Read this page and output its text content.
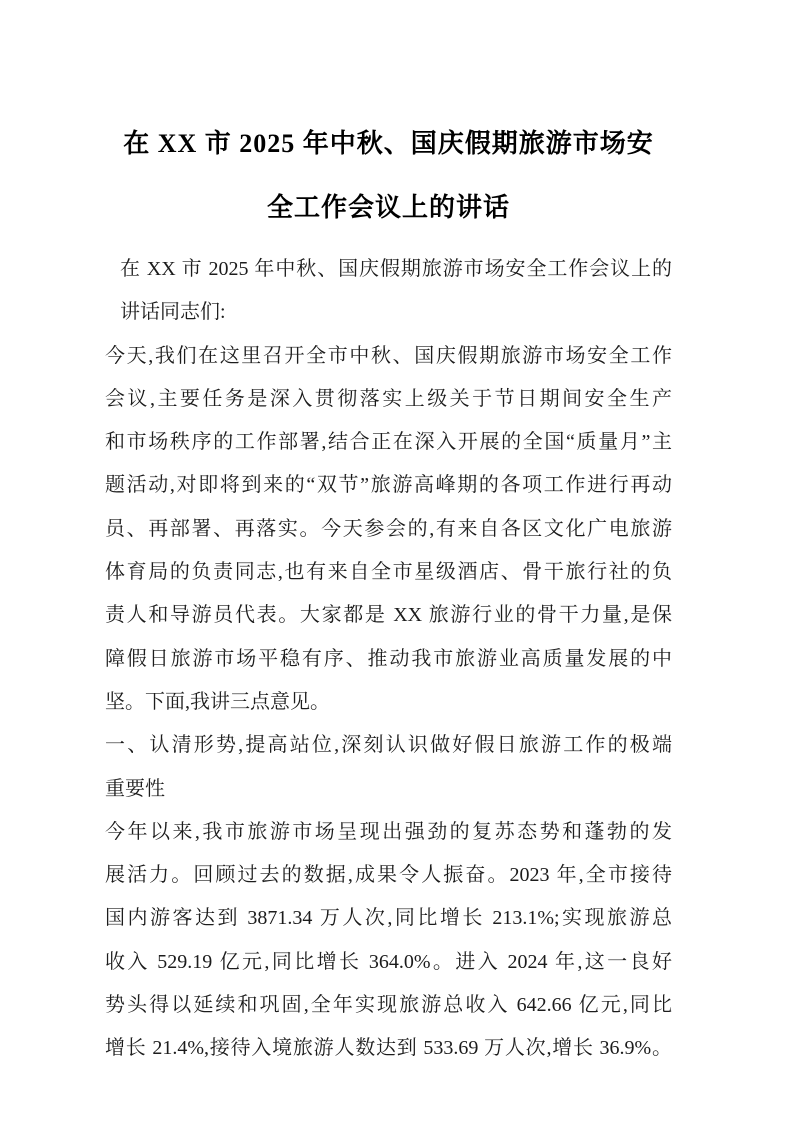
在 XX 市 2025 年中秋、国庆假期旅游市场安
全工作会议上的讲话
在 XX 市 2025 年中秋、国庆假期旅游市场安全工作会议上的
讲话同志们:
今天,我们在这里召开全市中秋、国庆假期旅游市场安全工作
会议,主要任务是深入贯彻落实上级关于节日期间安全生产
和市场秩序的工作部署,结合正在深入开展的全国“质量月”主
题活动,对即将到来的“双节”旅游高峰期的各项工作进行再动
员、再部署、再落实。今天参会的,有来自各区文化广电旅游
体育局的负责同志,也有来自全市星级酒店、骨干旅行社的负
责人和导游员代表。大家都是 XX 旅游行业的骨干力量,是保
障假日旅游市场平稳有序、推动我市旅游业高质量发展的中
坚。下面,我讲三点意见。
一、认清形势,提高站位,深刻认识做好假日旅游工作的极端
重要性
今年以来,我市旅游市场呈现出强劲的复苏态势和蓬勃的发
展活力。回顾过去的数据,成果令人振奋。2023 年,全市接待
国内游客达到 3871.34 万人次,同比增长 213.1%;实现旅游总
收入 529.19 亿元,同比增长 364.0%。进入 2024 年,这一良好
势头得以延续和巩固,全年实现旅游总收入 642.66 亿元,同比
增长 21.4%,接待入境旅游人数达到 533.69 万人次,增长 36.9%。
